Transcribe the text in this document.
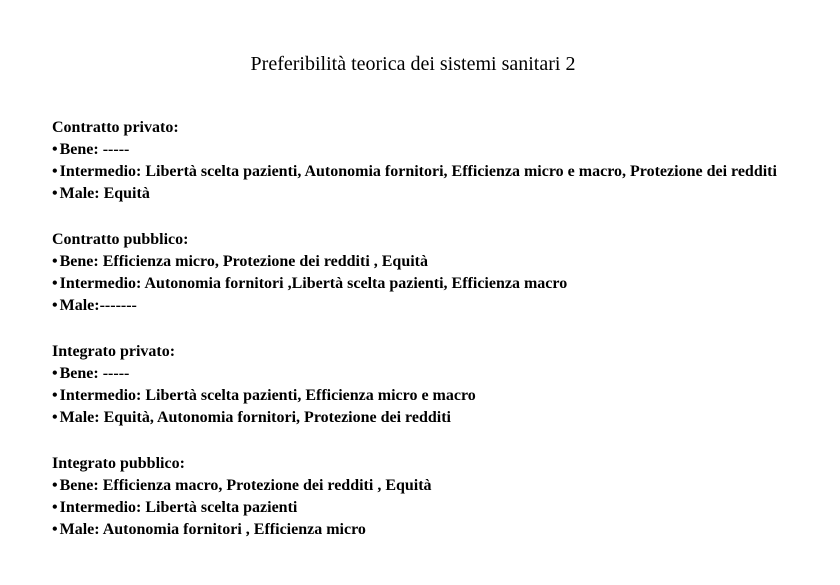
Preferibilità teorica dei sistemi sanitari 2
Contratto privato:
• Bene: -----
• Intermedio: Libertà scelta pazienti, Autonomia fornitori, Efficienza micro e macro, Protezione dei redditi
• Male: Equità
Contratto pubblico:
• Bene: Efficienza micro, Protezione dei redditi , Equità
• Intermedio: Autonomia fornitori ,Libertà scelta pazienti, Efficienza macro
• Male:-------
Integrato privato:
• Bene: -----
• Intermedio: Libertà scelta pazienti, Efficienza micro e macro
• Male: Equità, Autonomia fornitori, Protezione dei redditi
Integrato pubblico:
• Bene: Efficienza macro, Protezione dei redditi , Equità
• Intermedio: Libertà scelta pazienti
• Male: Autonomia fornitori , Efficienza micro
